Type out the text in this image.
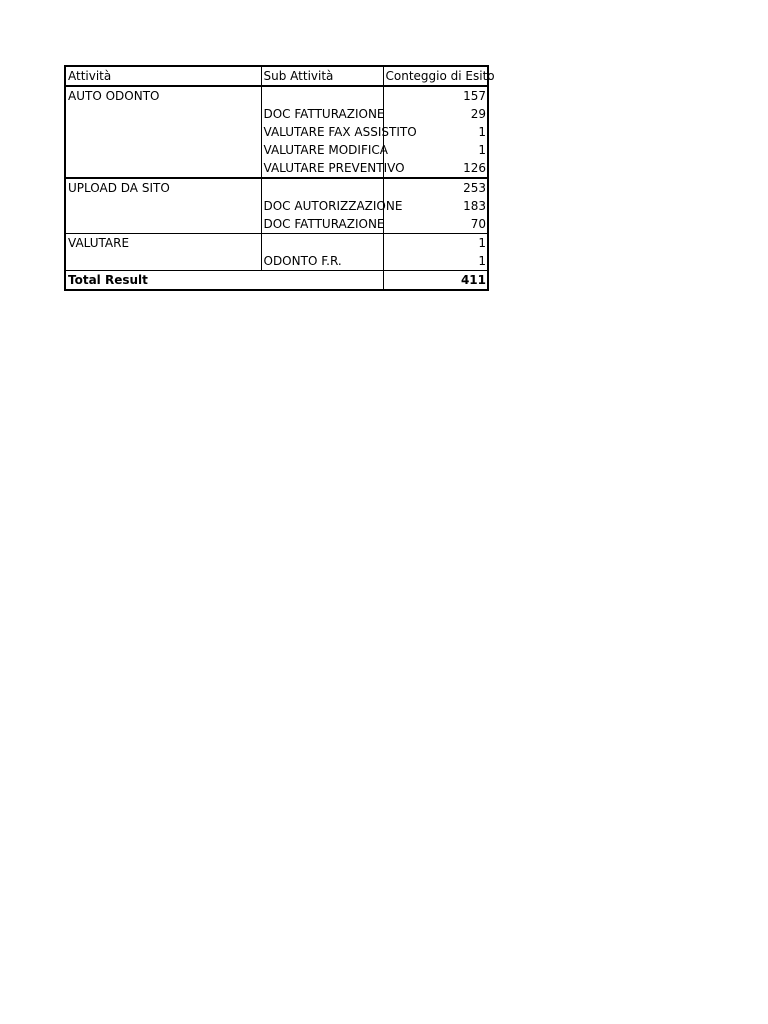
Attività	Sub Attività	Conteggio di Esito
AUTO ODONTO		157
	DOC FATTURAZIONE	29
	VALUTARE FAX ASSISTITO	1
	VALUTARE MODIFICA	1
	VALUTARE PREVENTIVO	126
UPLOAD DA SITO		253
	DOC AUTORIZZAZIONE	183
	DOC FATTURAZIONE	70
VALUTARE		1
	ODONTO F.R.	1
Total Result		411
